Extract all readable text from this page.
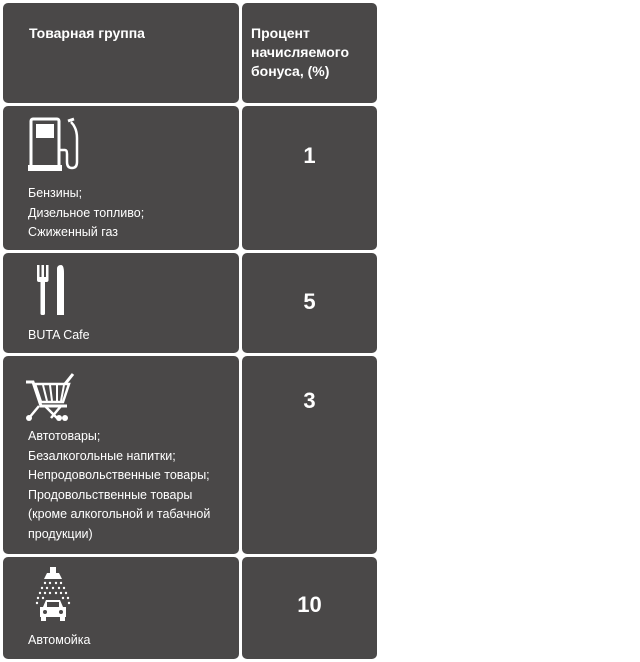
Товарная группа	Процент
начисляемого
бонуса, (%)
Бензины;
Дизельное топливо;
Сжиженный газ
1
BUTA Cafe
5
Автотовары;
Безалкогольные напитки;
Непродовольственные товары;
Продовольственные товары
(кроме алкогольной и табачной
продукции)
3
Автомойка
10
